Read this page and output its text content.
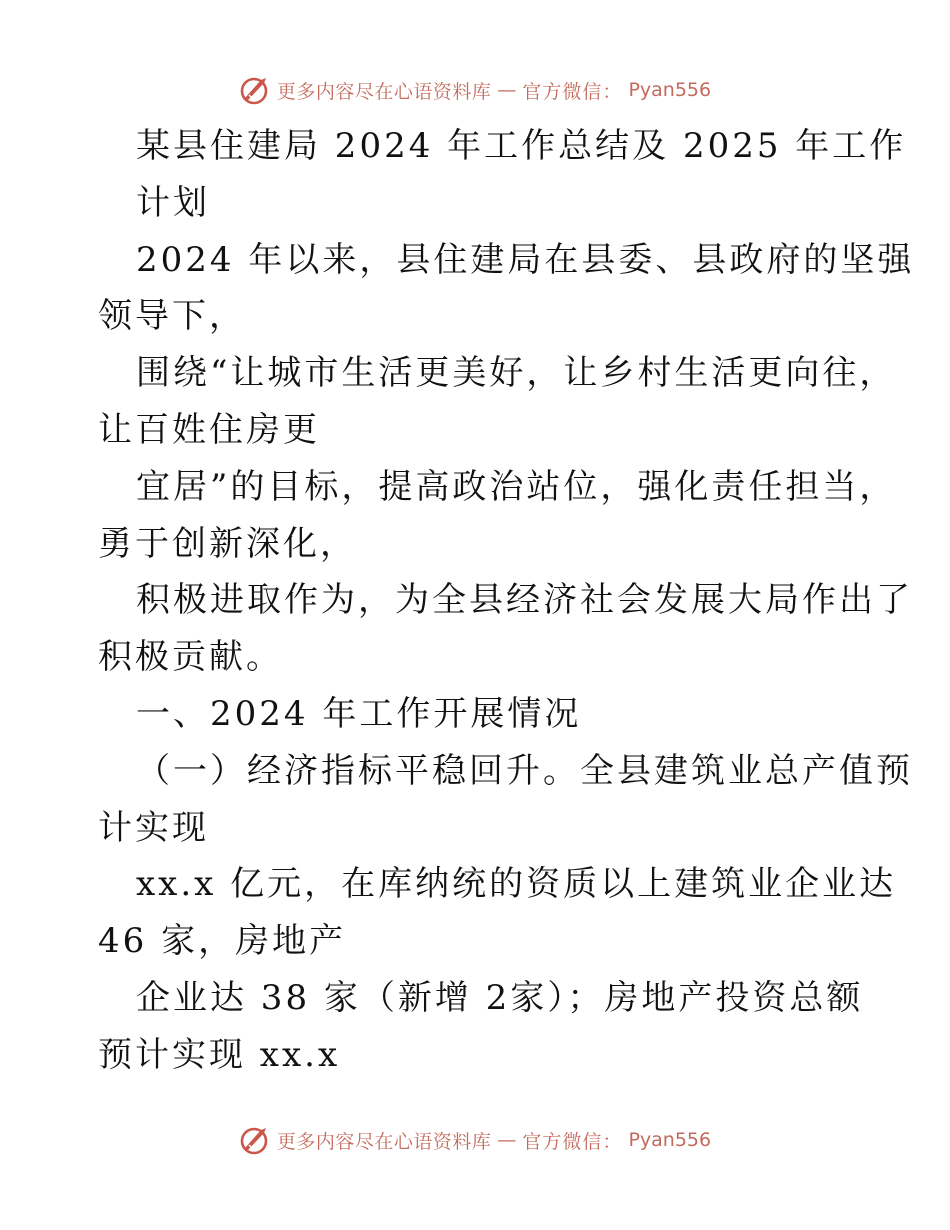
更多内容尽在心语资料库 — 官方微信： Pyan556
某县住建局 2024 年工作总结及 2025 年工作
计划
2024 年以来，县住建局在县委、县政府的坚强
领导下，
围绕“让城市生活更美好，让乡村生活更向往，
让百姓住房更
宜居”的目标，提高政治站位，强化责任担当，
勇于创新深化，
积极进取作为，为全县经济社会发展大局作出了
积极贡献。
一、2024 年工作开展情况
（一）经济指标平稳回升。全县建筑业总产值预
计实现
xx.x 亿元，在库纳统的资质以上建筑业企业达
46 家，房地产
企业达 38 家（新增 2家）；房地产投资总额
预计实现 xx.x
更多内容尽在心语资料库 — 官方微信： Pyan556
